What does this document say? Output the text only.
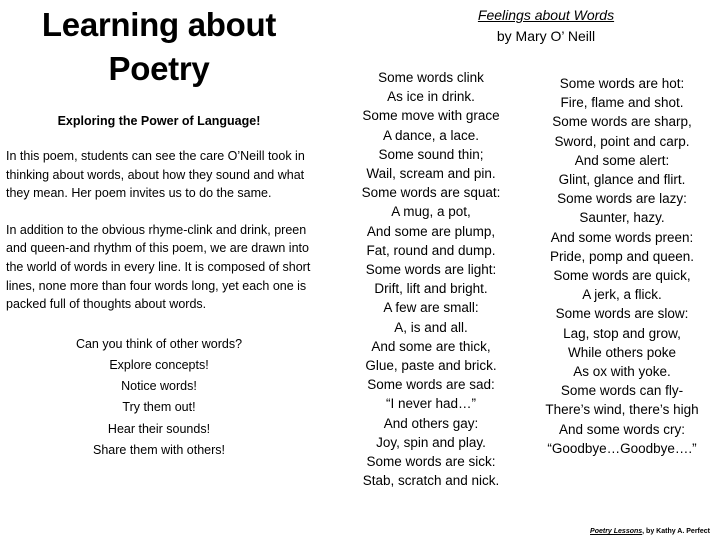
Learning about
Poetry

Exploring the Power of Language!

In this poem, students can see the care O’Neill took in thinking about words, about how they sound and what they mean. Her poem invites us to do the same.

In addition to the obvious rhyme-clink and drink, preen and queen-and rhythm of this poem, we are drawn into the world of words in every line. It is composed of short lines, none more than four words long, yet each one is packed full of thoughts about words.

Can you think of other words?
Explore concepts!
Notice words!
Try them out!
Hear their sounds!
Share them with others!
Feelings about Words
by Mary O’ Neill
Some words clink
As ice in drink.
Some move with grace
A dance, a lace.
Some sound thin;
Wail, scream and pin.
Some words are squat:
A mug, a pot,
And some are plump,
Fat, round and dump.
Some words are light:
Drift, lift and bright.
A few are small:
A, is and all.
And some are thick,
Glue, paste and brick.
Some words are sad:
“I never had…”
And others gay:
Joy, spin and play.
Some words are sick:
Stab, scratch and nick.
Some words are hot:
Fire, flame and shot.
Some words are sharp,
Sword, point and carp.
And some alert:
Glint, glance and flirt.
Some words are lazy:
Saunter, hazy.
And some words preen:
Pride, pomp and queen.
Some words are quick,
A jerk, a flick.
Some words are slow:
Lag, stop and grow,
While others poke
As ox with yoke.
Some words can fly-
There’s wind, there’s high
And some words cry:
“Goodbye…Goodbye….”
Poetry Lessons, by Kathy A. Perfect
